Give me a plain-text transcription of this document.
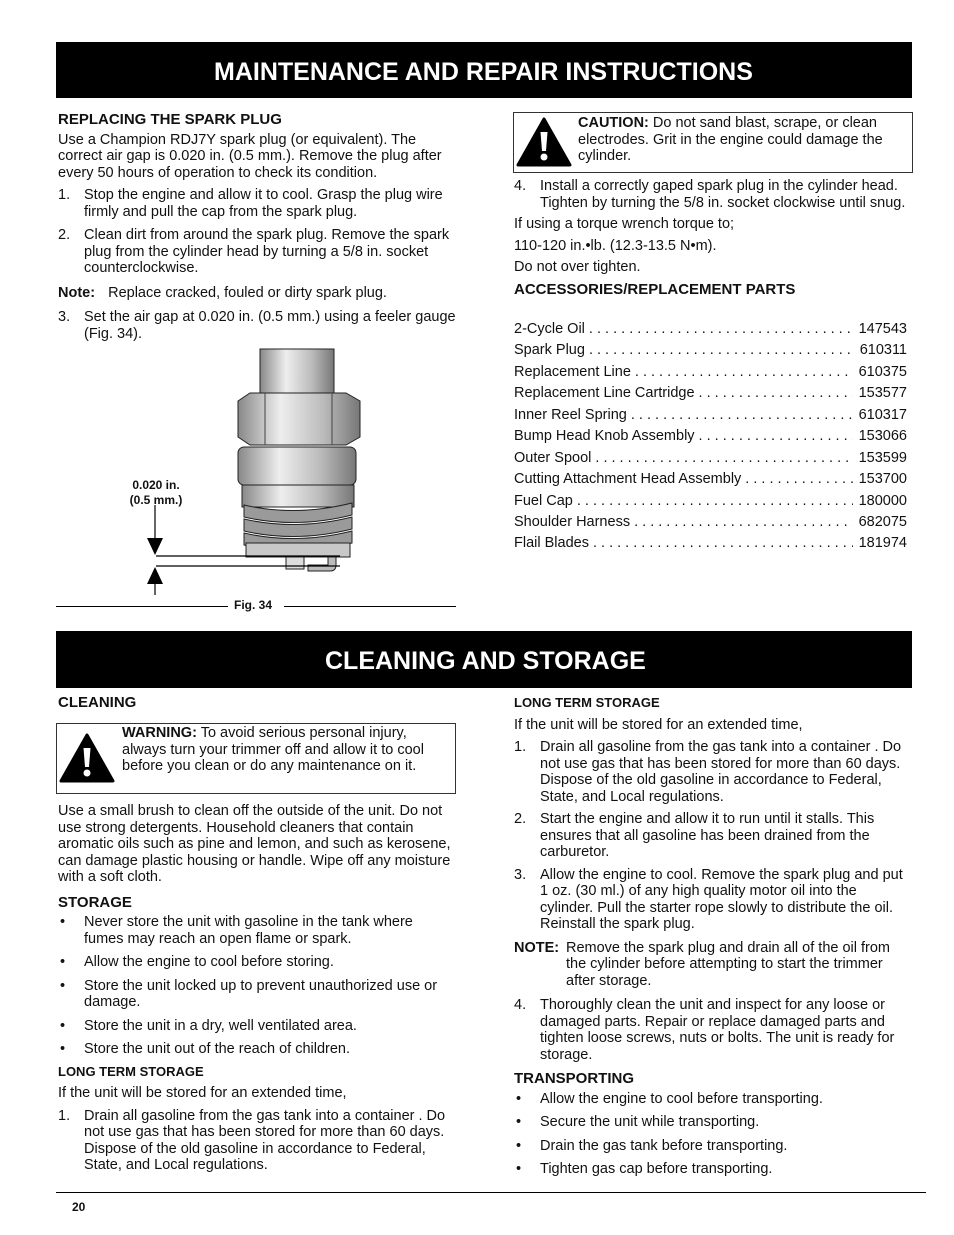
MAINTENANCE AND REPAIR INSTRUCTIONS

REPLACING THE SPARK PLUG

Use a Champion RDJ7Y spark plug (or equivalent). The correct air gap is 0.020 in. (0.5 mm.). Remove the plug after every 50 hours of operation to check its condition.

1. Stop the engine and allow it to cool. Grasp the plug wire firmly and pull the cap from the spark plug.

2. Clean dirt from around the spark plug. Remove the spark plug from the cylinder head by turning a 5/8 in. socket counterclockwise.

Note: Replace cracked, fouled or dirty spark plug.

3. Set the air gap at 0.020 in. (0.5 mm.) using a feeler gauge (Fig. 34).

0.020 in.
(0.5 mm.)
Fig. 34

CAUTION: Do not sand blast, scrape, or clean electrodes. Grit in the engine could damage the cylinder.

4. Install a correctly gaped spark plug in the cylinder head. Tighten by turning the 5/8 in. socket clockwise until snug.

If using a torque wrench torque to;

110-120 in.•lb. (12.3-13.5 N•m).

Do not over tighten.

ACCESSORIES/REPLACEMENT PARTS

2-Cycle Oil . . .	147543
Spark Plug . . .	610311
Replacement Line . . .	610375
Replacement Line Cartridge . . .	153577
Inner Reel Spring . . .	610317
Bump Head Knob Assembly . . .	153066
Outer Spool . . .	153599
Cutting Attachment Head Assembly . . .	153700
Fuel Cap . . .	180000
Shoulder Harness . . .	682075
Flail Blades . . .	181974
CLEANING AND STORAGE

CLEANING

WARNING: To avoid serious personal injury, always turn your trimmer off and allow it to cool before you clean or do any maintenance on it.

Use a small brush to clean off the outside of the unit. Do not use strong detergents. Household cleaners that contain aromatic oils such as pine and lemon, and such as kerosene, can damage plastic housing or handle. Wipe off any moisture with a soft cloth.

STORAGE

• Never store the unit with gasoline in the tank where fumes may reach an open flame or spark.

• Allow the engine to cool before storing.

• Store the unit locked up to prevent unauthorized use or damage.

• Store the unit in a dry, well ventilated area.

• Store the unit out of the reach of children.

LONG TERM STORAGE

If the unit will be stored for an extended time,

1. Drain all gasoline from the gas tank into a container . Do not use gas that has been stored for more than 60 days. Dispose of the old gasoline in accordance to Federal, State, and Local regulations.

LONG TERM STORAGE

If the unit will be stored for an extended time,

1. Drain all gasoline from the gas tank into a container . Do not use gas that has been stored for more than 60 days. Dispose of the old gasoline in accordance to Federal, State, and Local regulations.

2. Start the engine and allow it to run until it stalls. This ensures that all gasoline has been drained from the carburetor.

3. Allow the engine to cool. Remove the spark plug and put 1 oz. (30 ml.) of any high quality motor oil into the cylinder. Pull the starter rope slowly to distribute the oil. Reinstall the spark plug.

NOTE: Remove the spark plug and drain all of the oil from the cylinder before attempting to start the trimmer after storage.

4. Thoroughly clean the unit and inspect for any loose or damaged parts. Repair or replace damaged parts and tighten loose screws, nuts or bolts. The unit is ready for storage.

TRANSPORTING

• Allow the engine to cool before transporting.

• Secure the unit while transporting.

• Drain the gas tank before transporting.

• Tighten gas cap before transporting.

20
